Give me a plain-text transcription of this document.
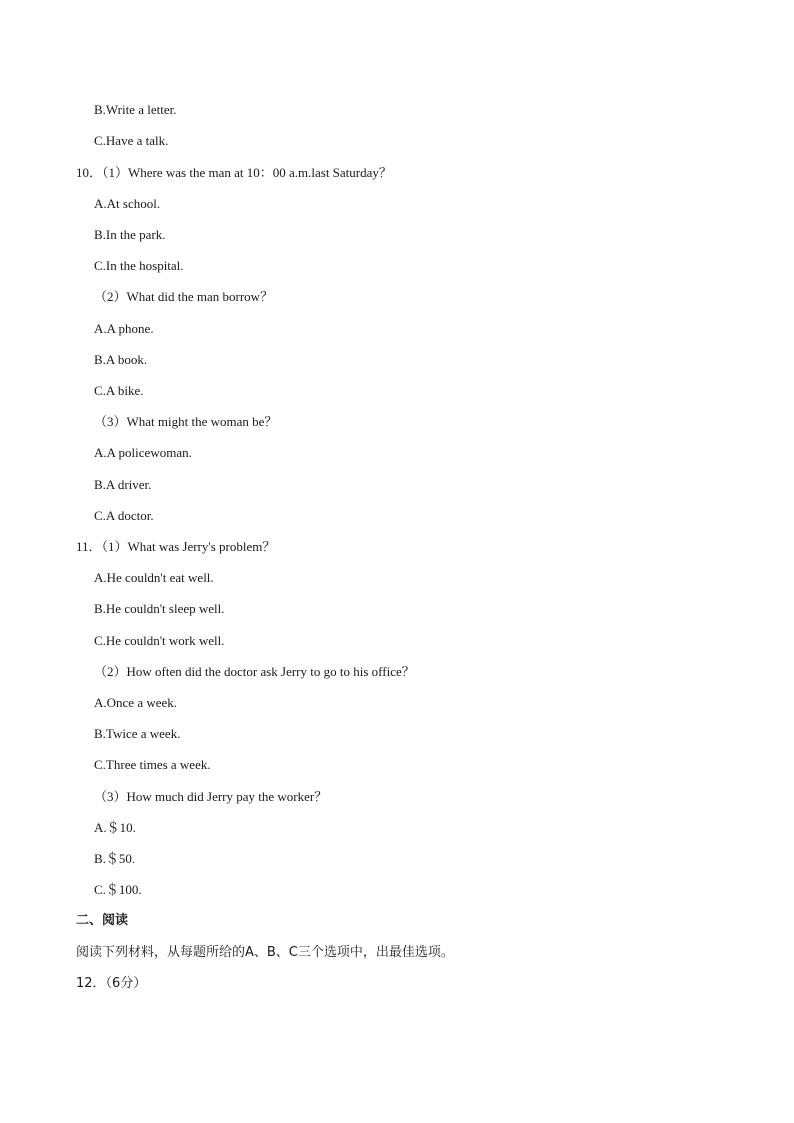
B.Write a letter.
C.Have a talk.
10．（1）Where was the man at 10：00 a.m.last Saturday？
A.At school.
B.In the park.
C.In the hospital.
（2）What did the man borrow？
A.A phone.
B.A book.
C.A bike.
（3）What might the woman be？
A.A policewoman.
B.A driver.
C.A doctor.
11．（1）What was Jerry's problem？
A.He couldn't eat well.
B.He couldn't sleep well.
C.He couldn't work well.
（2）How often did the doctor ask Jerry to go to his office？
A.Once a week.
B.Twice a week.
C.Three times a week.
（3）How much did Jerry pay the worker？
A.＄10.
B.＄50.
C.＄100.
二、阅读
阅读下列材料，从每题所给的A、B、C三个选项中，出最佳选项。
12．（6分）
